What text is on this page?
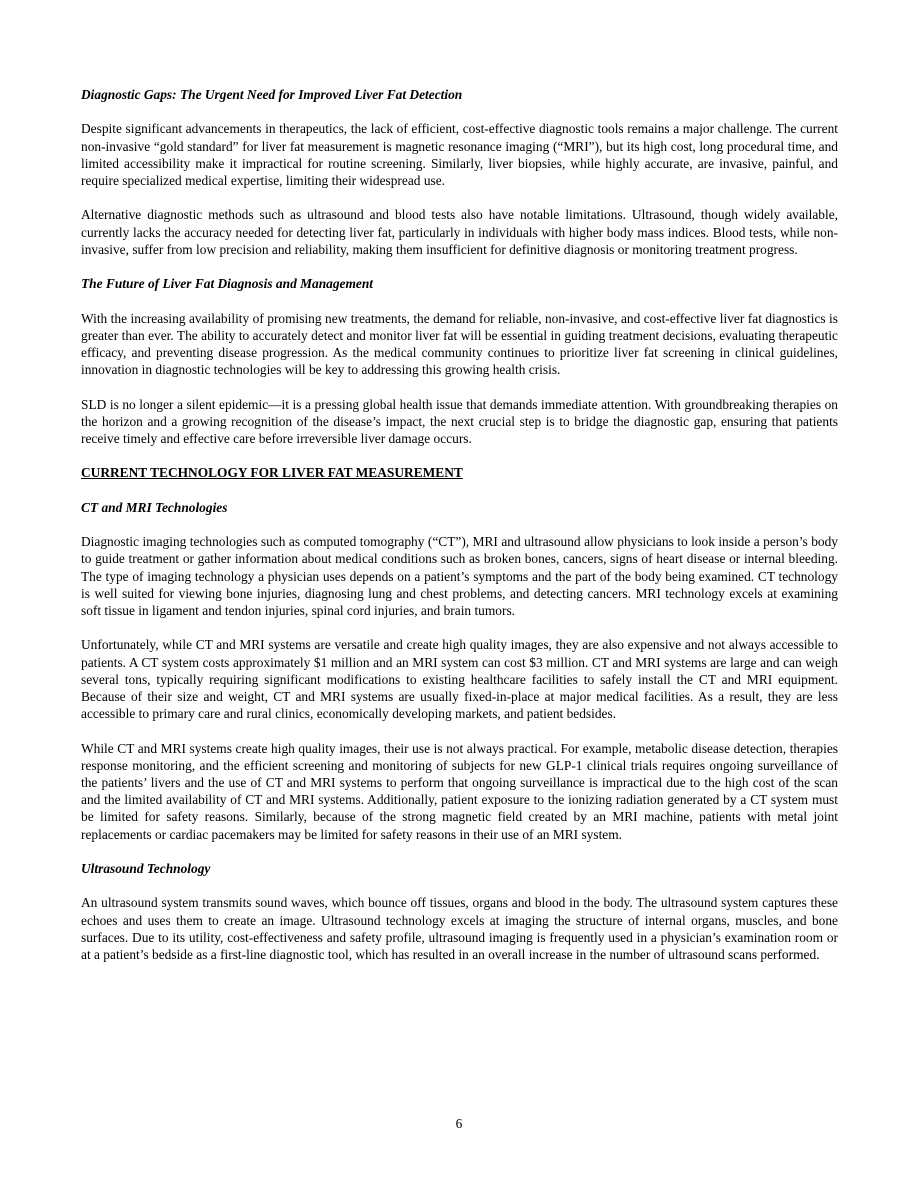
Diagnostic Gaps: The Urgent Need for Improved Liver Fat Detection

Despite significant advancements in therapeutics, the lack of efficient, cost-effective diagnostic tools remains a major challenge. The current non-invasive “gold standard” for liver fat measurement is magnetic resonance imaging (“MRI”), but its high cost, long procedural time, and limited accessibility make it impractical for routine screening. Similarly, liver biopsies, while highly accurate, are invasive, painful, and require specialized medical expertise, limiting their widespread use.

Alternative diagnostic methods such as ultrasound and blood tests also have notable limitations. Ultrasound, though widely available, currently lacks the accuracy needed for detecting liver fat, particularly in individuals with higher body mass indices. Blood tests, while non-invasive, suffer from low precision and reliability, making them insufficient for definitive diagnosis or monitoring treatment progress.

The Future of Liver Fat Diagnosis and Management

With the increasing availability of promising new treatments, the demand for reliable, non-invasive, and cost-effective liver fat diagnostics is greater than ever. The ability to accurately detect and monitor liver fat will be essential in guiding treatment decisions, evaluating therapeutic efficacy, and preventing disease progression. As the medical community continues to prioritize liver fat screening in clinical guidelines, innovation in diagnostic technologies will be key to addressing this growing health crisis.

SLD is no longer a silent epidemic—it is a pressing global health issue that demands immediate attention. With groundbreaking therapies on the horizon and a growing recognition of the disease’s impact, the next crucial step is to bridge the diagnostic gap, ensuring that patients receive timely and effective care before irreversible liver damage occurs.

CURRENT TECHNOLOGY FOR LIVER FAT MEASUREMENT

CT and MRI Technologies

Diagnostic imaging technologies such as computed tomography (“CT”), MRI and ultrasound allow physicians to look inside a person’s body to guide treatment or gather information about medical conditions such as broken bones, cancers, signs of heart disease or internal bleeding. The type of imaging technology a physician uses depends on a patient’s symptoms and the part of the body being examined. CT technology is well suited for viewing bone injuries, diagnosing lung and chest problems, and detecting cancers. MRI technology excels at examining soft tissue in ligament and tendon injuries, spinal cord injuries, and brain tumors.

Unfortunately, while CT and MRI systems are versatile and create high quality images, they are also expensive and not always accessible to patients. A CT system costs approximately $1 million and an MRI system can cost $3 million. CT and MRI systems are large and can weigh several tons, typically requiring significant modifications to existing healthcare facilities to safely install the CT and MRI equipment. Because of their size and weight, CT and MRI systems are usually fixed-in-place at major medical facilities. As a result, they are less accessible to primary care and rural clinics, economically developing markets, and patient bedsides.

While CT and MRI systems create high quality images, their use is not always practical. For example, metabolic disease detection, therapies response monitoring, and the efficient screening and monitoring of subjects for new GLP-1 clinical trials requires ongoing surveillance of the patients’ livers and the use of CT and MRI systems to perform that ongoing surveillance is impractical due to the high cost of the scan and the limited availability of CT and MRI systems. Additionally, patient exposure to the ionizing radiation generated by a CT system must be limited for safety reasons. Similarly, because of the strong magnetic field created by an MRI machine, patients with metal joint replacements or cardiac pacemakers may be limited for safety reasons in their use of an MRI system.

Ultrasound Technology

An ultrasound system transmits sound waves, which bounce off tissues, organs and blood in the body. The ultrasound system captures these echoes and uses them to create an image. Ultrasound technology excels at imaging the structure of internal organs, muscles, and bone surfaces. Due to its utility, cost-effectiveness and safety profile, ultrasound imaging is frequently used in a physician’s examination room or at a patient’s bedside as a first-line diagnostic tool, which has resulted in an overall increase in the number of ultrasound scans performed.

6
